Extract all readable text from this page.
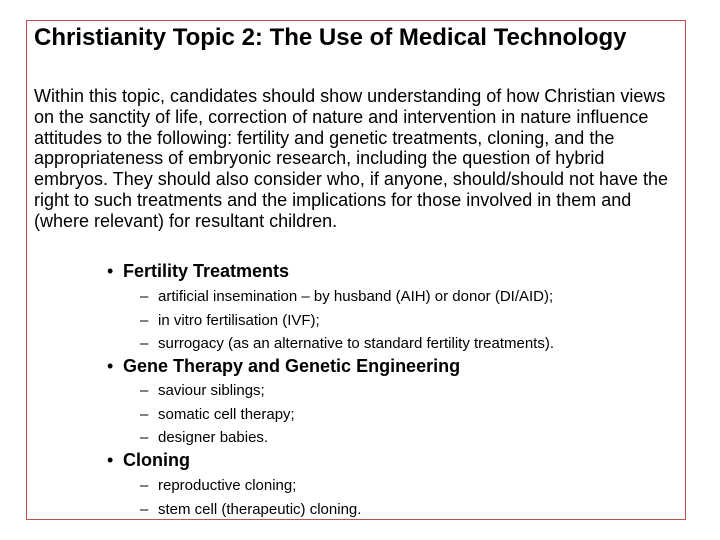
Christianity Topic 2: The Use of Medical Technology

Within this topic, candidates should show understanding of how Christian views on the sanctity of life, correction of nature and intervention in nature influence attitudes to the following: fertility and genetic treatments, cloning, and the appropriateness of embryonic research, including the question of hybrid embryos. They should also consider who, if anyone, should/should not have the right to such treatments and the implications for those involved in them and (where relevant) for resultant children.

• Fertility Treatments

– artificial insemination – by husband (AIH) or donor (DI/AID);
– in vitro fertilisation (IVF);
– surrogacy (as an alternative to standard fertility treatments).

• Gene Therapy and Genetic Engineering

– saviour siblings;
– somatic cell therapy;
– designer babies.

• Cloning

– reproductive cloning;
– stem cell (therapeutic) cloning.
